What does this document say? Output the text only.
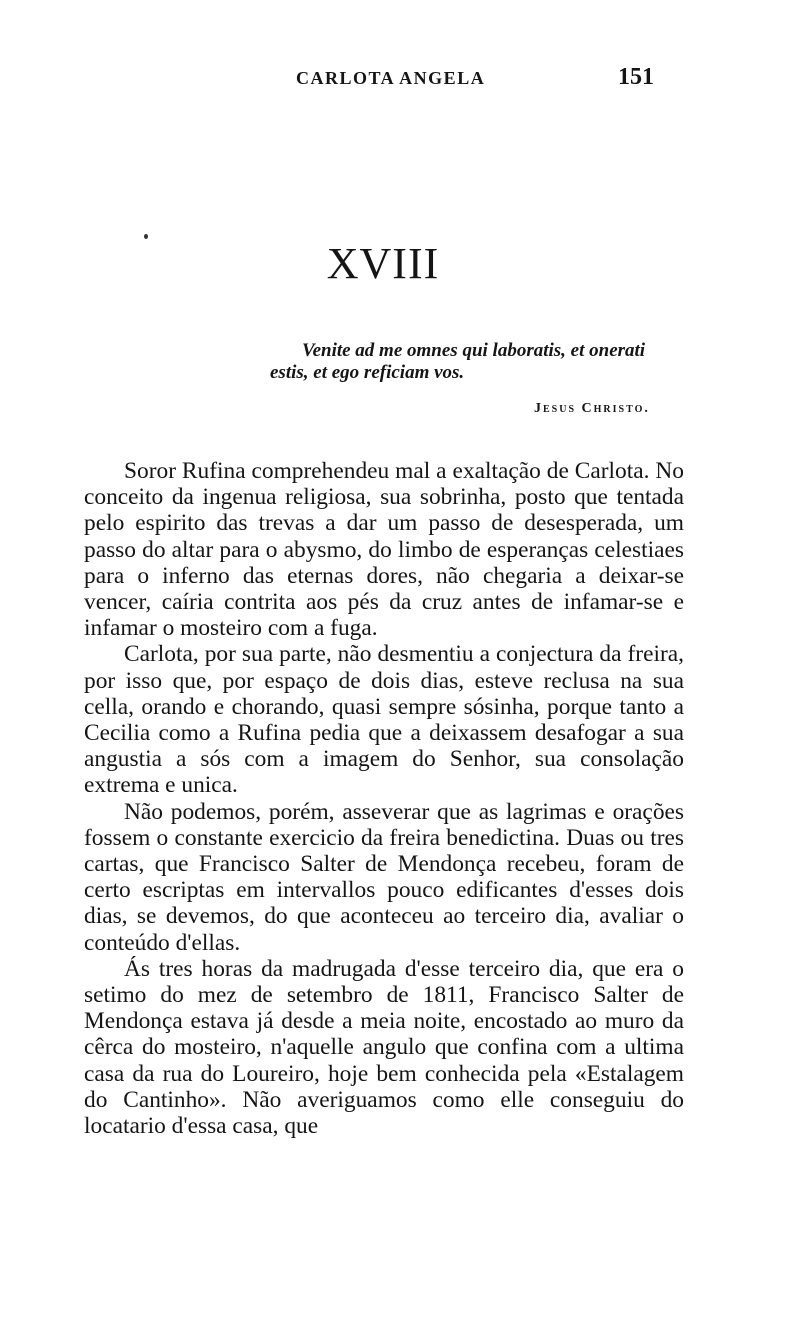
CARLOTA ANGELA	151
XVIII
Venite ad me omnes qui laboratis, et onerati
estis, et ego reficiam vos.
Jesus Christo.

Soror Rufina comprehendeu mal a exaltação de Carlota. No conceito da ingenua religiosa, sua sobrinha, posto que tentada pelo espirito das trevas a dar um passo de desesperada, um passo do altar para o abysmo, do limbo de esperanças celestiaes para o inferno das eternas dores, não chegaria a deixar-se vencer, caíria contrita aos pés da cruz antes de infamar-se e infamar o mosteiro com a fuga.

Carlota, por sua parte, não desmentiu a conjectura da freira, por isso que, por espaço de dois dias, esteve reclusa na sua cella, orando e chorando, quasi sempre sósinha, porque tanto a Cecilia como a Rufina pedia que a deixassem desafogar a sua angustia a sós com a imagem do Senhor, sua consolação extrema e unica.

Não podemos, porém, asseverar que as lagrimas e orações fossem o constante exercicio da freira benedictina. Duas ou tres cartas, que Francisco Salter de Mendonça recebeu, foram de certo escriptas em intervallos pouco edificantes d'esses dois dias, se devemos, do que aconteceu ao terceiro dia, avaliar o conteúdo d'ellas.

Ás tres horas da madrugada d'esse terceiro dia, que era o setimo do mez de setembro de 1811, Francisco Salter de Mendonça estava já desde a meia noite, encostado ao muro da cêrca do mosteiro, n'aquelle angulo que confina com a ultima casa da rua do Loureiro, hoje bem conhecida pela «Estalagem do Cantinho». Não averiguamos como elle conseguiu do locatario d'essa casa, que
